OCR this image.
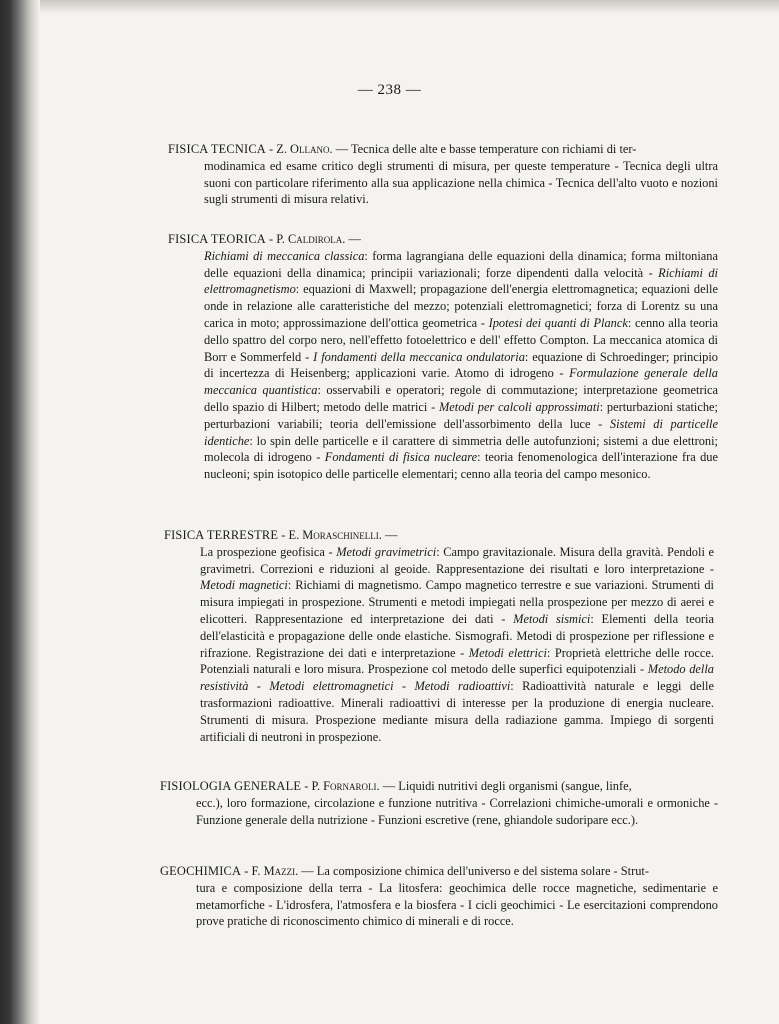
— 238 —
FISICA TECNICA - Z. Ollano. — Tecnica delle alte e basse temperature con richiami di ter-
modinamica ed esame critico degli strumenti di misura, per queste temperature - Tecnica degli ultra suoni con particolare riferimento alla sua applicazione nella chimica - Tecnica dell'alto vuoto e nozioni sugli strumenti di misura relativi.
FISICA TEORICA - P. Caldirola. —
Richiami di meccanica classica: forma lagrangiana delle equazioni della dinamica; forma miltoniana delle equazioni della dinamica; principii variazionali; forze dipendenti dalla velocità - Richiami di elettromagnetismo: equazioni di Maxwell; propagazione dell'energia elettromagnetica; equazioni delle onde in relazione alle caratteristiche del mezzo; potenziali elettromagnetici; forza di Lorentz su una carica in moto; approssimazione dell'ottica geometrica - Ipotesi dei quanti di Planck: cenno alla teoria dello spattro del corpo nero, nell'effetto fotoelettrico e dell' effetto Compton. La meccanica atomica di Borr e Sommerfeld - I fondamenti della meccanica ondulatoria: equazione di Schroedinger; principio di incertezza di Heisenberg; applicazioni varie. Atomo di idrogeno - Formulazione generale della meccanica quantistica: osservabili e operatori; regole di commutazione; interpretazione geometrica dello spazio di Hilbert; metodo delle matrici - Metodi per calcoli approssimati: perturbazioni statiche; perturbazioni variabili; teoria dell'emissione dell'assorbimento della luce - Sistemi di particelle identiche: lo spin delle particelle e il carattere di simmetria delle autofunzioni; sistemi a due elettroni; molecola di idrogeno - Fondamenti di fisica nucleare: teoria fenomenologica dell'interazione fra due nucleoni; spin isotopico delle particelle elementari; cenno alla teoria del campo mesonico.
FISICA TERRESTRE - E. Moraschinelli. —
La prospezione geofisica - Metodi gravimetrici: Campo gravitazionale. Misura della gravità. Pendoli e gravimetri. Correzioni e riduzioni al geoide. Rappresentazione dei risultati e loro interpretazione - Metodi magnetici: Richiami di magnetismo. Campo magnetico terrestre e sue variazioni. Strumenti di misura impiegati in prospezione. Strumenti e metodi impiegati nella prospezione per mezzo di aerei e elicotteri. Rappresentazione ed interpretazione dei dati - Metodi sismici: Elementi della teoria dell'elasticità e propagazione delle onde elastiche. Sismografi. Metodi di prospezione per riflessione e rifrazione. Registrazione dei dati e interpretazione - Metodi elettrici: Proprietà elettriche delle rocce. Potenziali naturali e loro misura. Prospezione col metodo delle superfici equipotenziali - Metodo della resistività - Metodi elettromagnetici - Metodi radioattivi: Radioattività naturale e leggi delle trasformazioni radioattive. Minerali radioattivi di interesse per la produzione di energia nucleare. Strumenti di misura. Prospezione mediante misura della radiazione gamma. Impiego di sorgenti artificiali di neutroni in prospezione.
FISIOLOGIA GENERALE - P. Fornaroli. — Liquidi nutritivi degli organismi (sangue, linfe,
ecc.), loro formazione, circolazione e funzione nutritiva - Correlazioni chimiche-umorali e ormoniche - Funzione generale della nutrizione - Funzioni escretive (rene, ghiandole sudoripare ecc.).
GEOCHIMICA - F. Mazzi. — La composizione chimica dell'universo e del sistema solare - Strut-
tura e composizione della terra - La litosfera: geochimica delle rocce magnetiche, sedimentarie e metamorfiche - L'idrosfera, l'atmosfera e la biosfera - I cicli geochimici - Le esercitazioni comprendono prove pratiche di riconoscimento chimico di minerali e di rocce.
